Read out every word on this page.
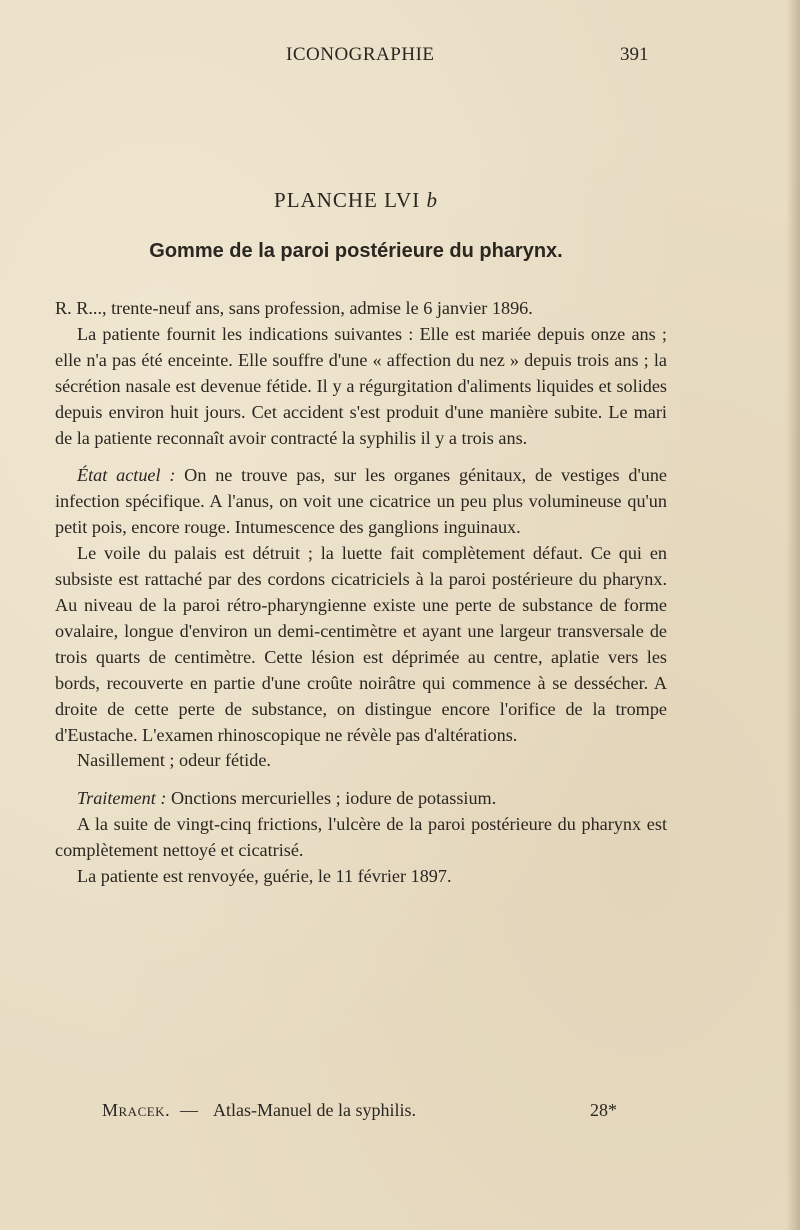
ICONOGRAPHIE	391
PLANCHE LVI b
Gomme de la paroi postérieure du pharynx.

R. R..., trente-neuf ans, sans profession, admise le 6 janvier 1896.

La patiente fournit les indications suivantes : Elle est mariée depuis onze ans ; elle n'a pas été enceinte. Elle souffre d'une « affection du nez » depuis trois ans ; la sécrétion nasale est devenue fétide. Il y a régurgitation d'aliments liquides et solides depuis environ huit jours. Cet accident s'est produit d'une manière subite. Le mari de la patiente reconnaît avoir contracté la syphilis il y a trois ans.

État actuel : On ne trouve pas, sur les organes génitaux, de vestiges d'une infection spécifique. A l'anus, on voit une cicatrice un peu plus volumineuse qu'un petit pois, encore rouge. Intumescence des ganglions inguinaux.

Le voile du palais est détruit ; la luette fait complètement défaut. Ce qui en subsiste est rattaché par des cordons cicatriciels à la paroi postérieure du pharynx. Au niveau de la paroi rétro-pharyngienne existe une perte de substance de forme ovalaire, longue d'environ un demi-centimètre et ayant une largeur transversale de trois quarts de centimètre. Cette lésion est déprimée au centre, aplatie vers les bords, recouverte en partie d'une croûte noirâtre qui commence à se dessécher. A droite de cette perte de substance, on distingue encore l'orifice de la trompe d'Eustache. L'examen rhinoscopique ne révèle pas d'altérations.

Nasillement ; odeur fétide.

Traitement : Onctions mercurielles ; iodure de potassium.

A la suite de vingt-cinq frictions, l'ulcère de la paroi postérieure du pharynx est complètement nettoyé et cicatrisé.

La patiente est renvoyée, guérie, le 11 février 1897.

Mracek. — Atlas-Manuel de la syphilis.	28*
